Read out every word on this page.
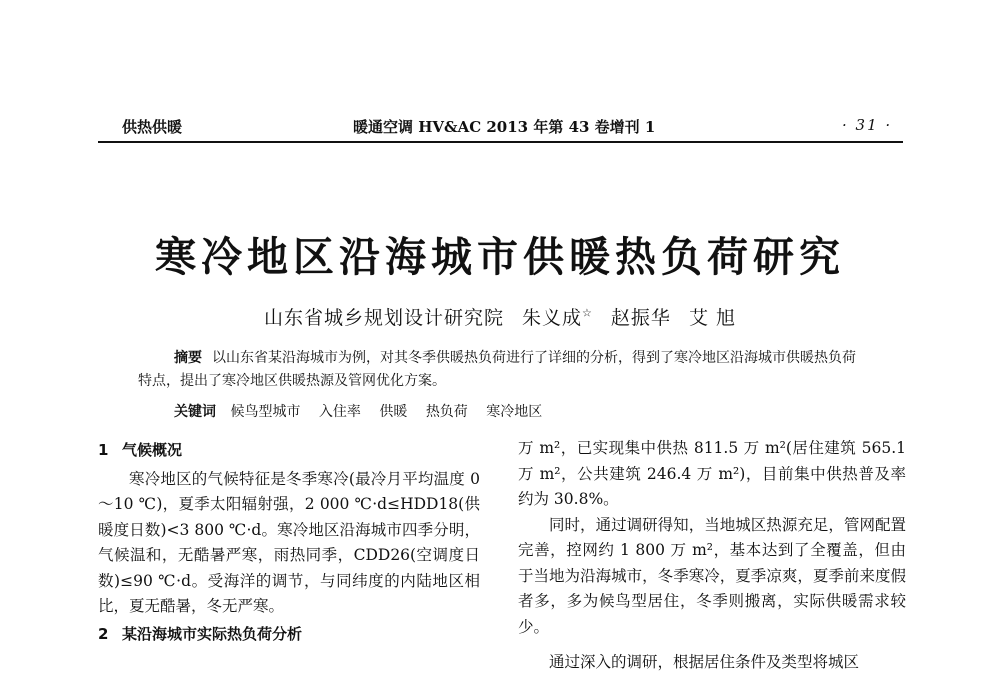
供热供暖	暖通空调 HV&AC 2013 年第 43 卷增刊 1	· 31 ·
寒冷地区沿海城市供暖热负荷研究
山东省城乡规划设计研究院 朱义成☆ 赵振华 艾 旭

摘要 以山东省某沿海城市为例，对其冬季供暖热负荷进行了详细的分析，得到了寒冷地区沿海城市供暖热负荷特点，提出了寒冷地区供暖热源及管网优化方案。

关键词 候鸟型城市 入住率 供暖 热负荷 寒冷地区
1 气候概况

寒冷地区的气候特征是冬季寒冷(最冷月平均温度 0～10 ℃)，夏季太阳辐射强，2 000 ℃·d≤HDD18(供暖度日数)<3 800 ℃·d。寒冷地区沿海城市四季分明，气候温和，无酷暑严寒，雨热同季，CDD26(空调度日数)≤90 ℃·d。受海洋的调节，与同纬度的内陆地区相比，夏无酷暑，冬无严寒。

2 某沿海城市实际热负荷分析

万 m²，已实现集中供热 811.5 万 m²(居住建筑 565.1 万 m²，公共建筑 246.4 万 m²)，目前集中供热普及率约为 30.8%。

同时，通过调研得知，当地城区热源充足，管网配置完善，控网约 1 800 万 m²，基本达到了全覆盖，但由于当地为沿海城市，冬季寒冷，夏季凉爽，夏季前来度假者多，多为候鸟型居住，冬季则搬离，实际供暖需求较少。

通过深入的调研，根据居住条件及类型将城区
